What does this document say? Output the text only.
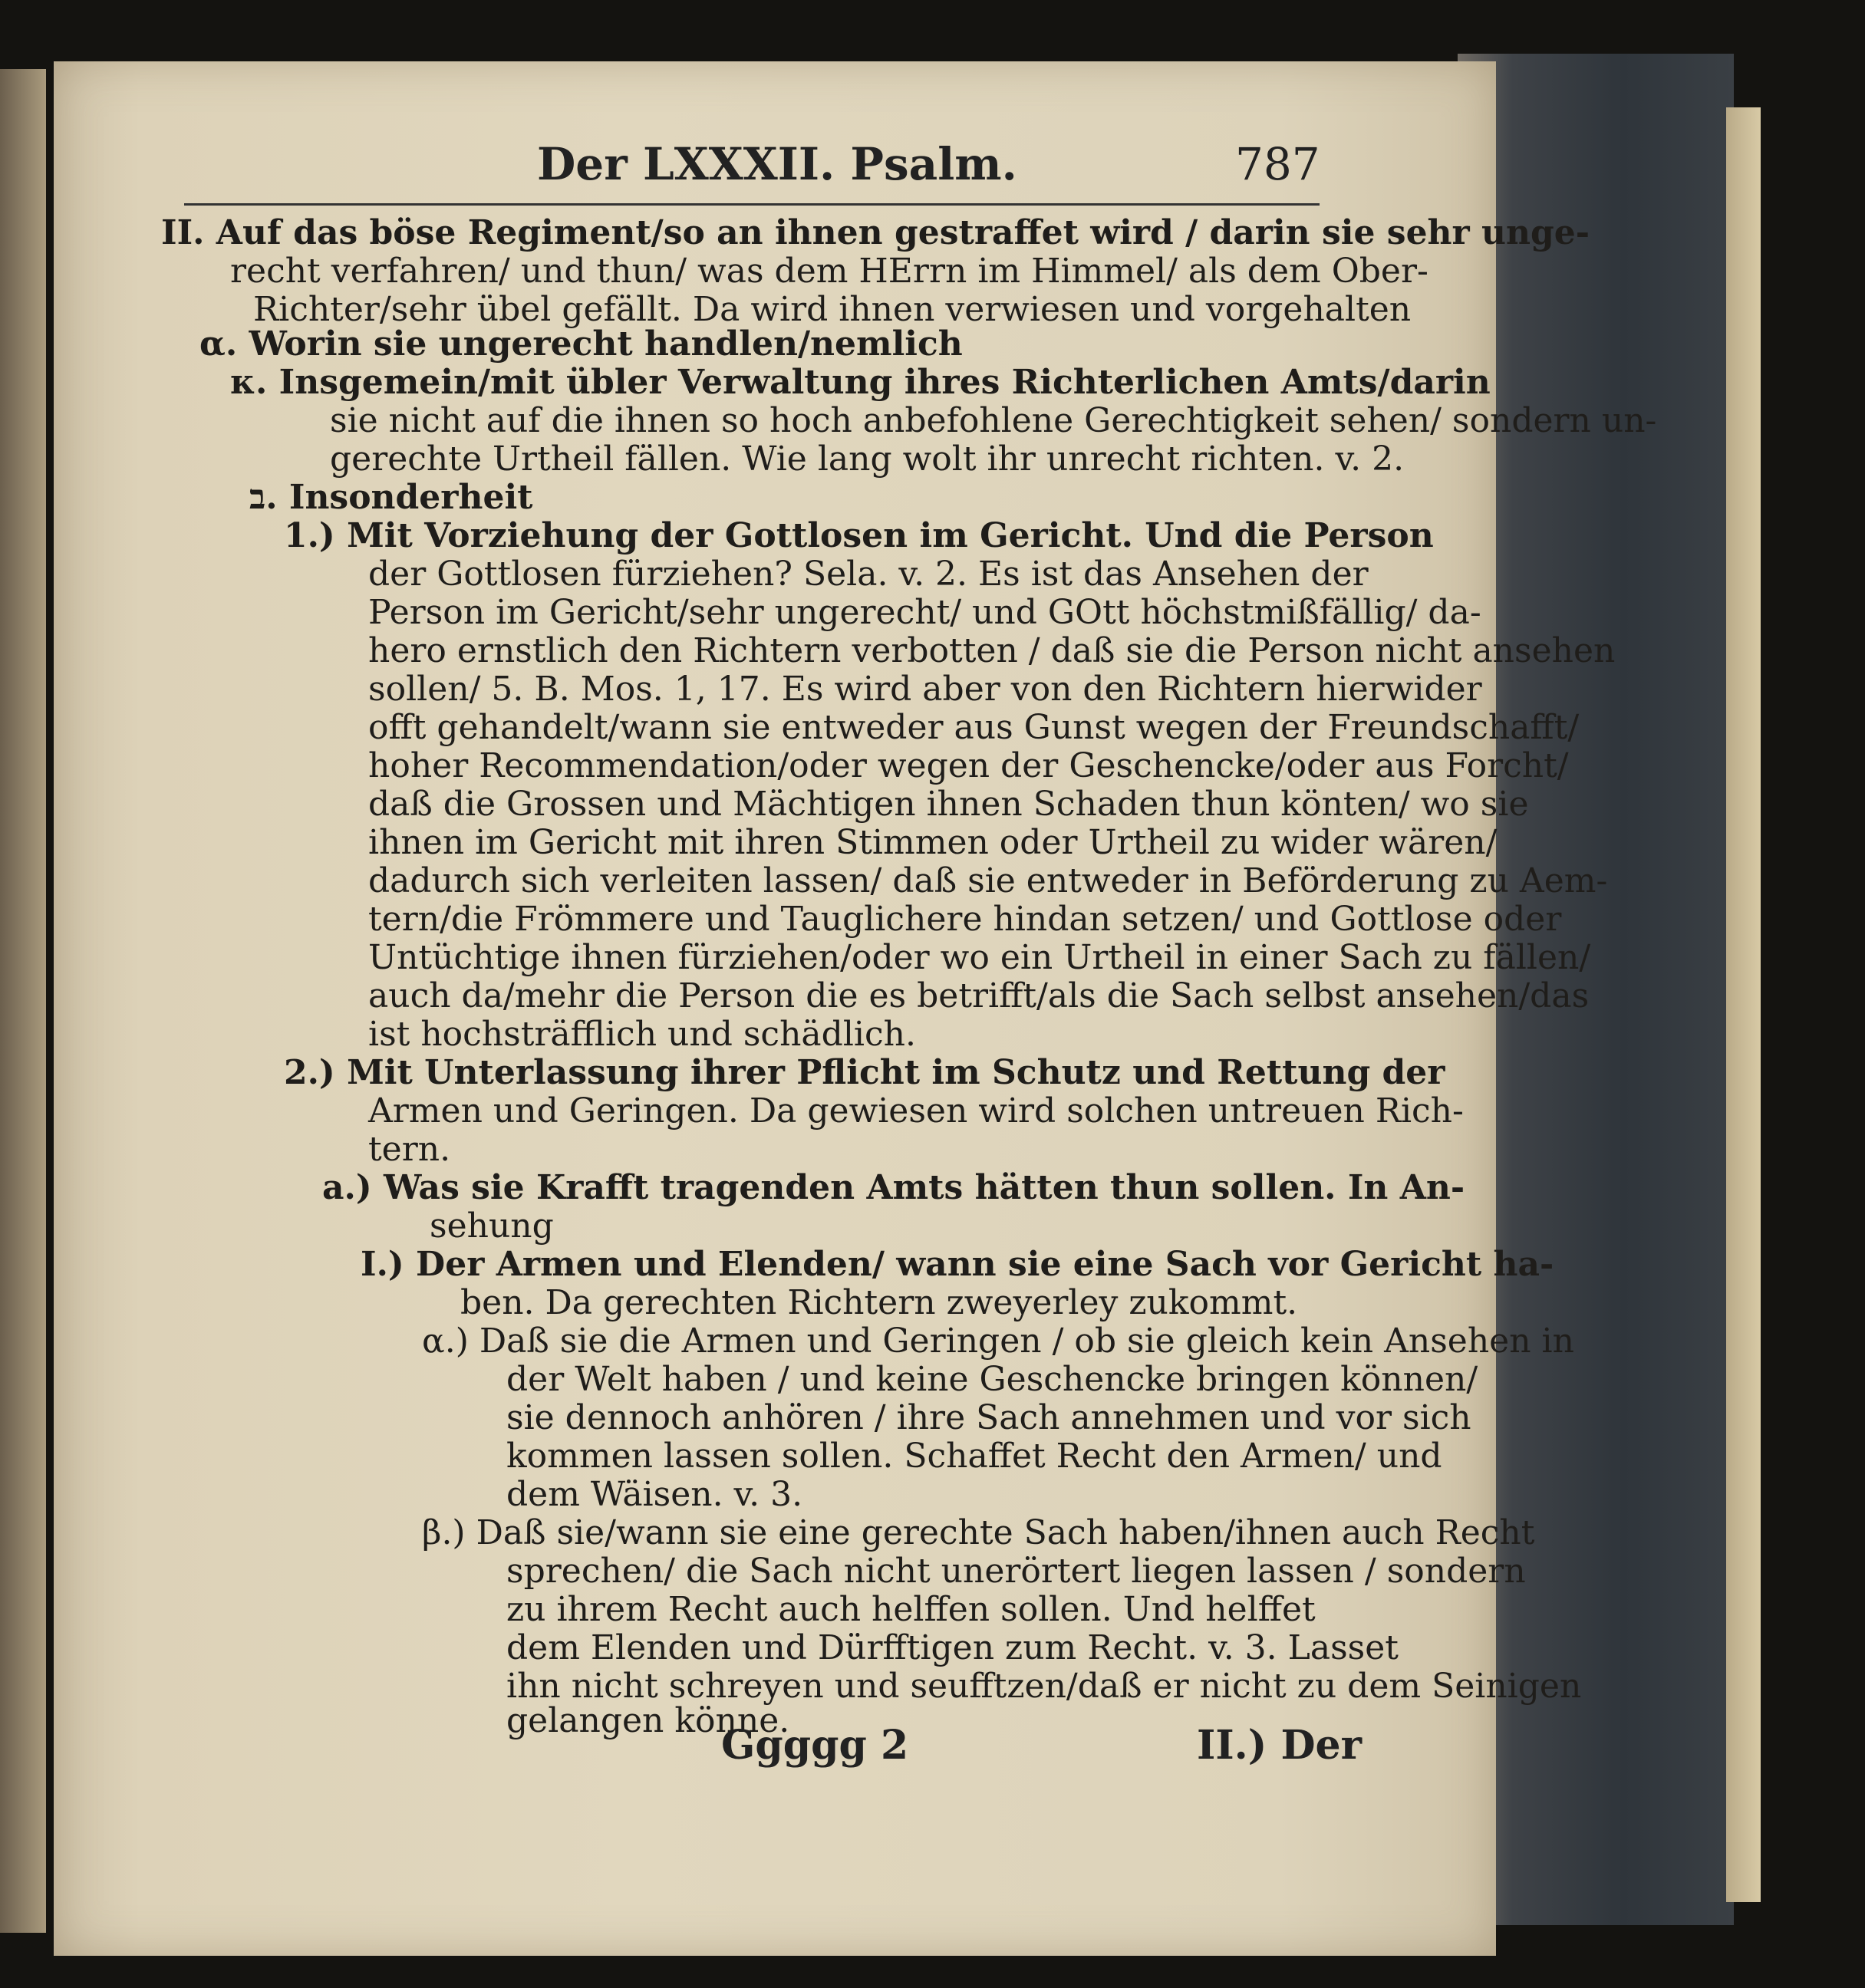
Der LXXXII. Psalm.	787
II. Auf das böse Regiment/so an ihnen gestraffet wird / darin sie sehr unge-
recht verfahren/ und thun/ was dem HErrn im Himmel/ als dem Ober-
Richter/sehr übel gefällt. Da wird ihnen verwiesen und vorgehalten
α. Worin sie ungerecht handlen/nemlich
κ. Insgemein/mit übler Verwaltung ihres Richterlichen Amts/darin
sie nicht auf die ihnen so hoch anbefohlene Gerechtigkeit sehen/ sondern un-
gerechte Urtheil fällen. Wie lang wolt ihr unrecht richten. v. 2.
ב. Insonderheit
1.) Mit Vorziehung der Gottlosen im Gericht. Und die Person
der Gottlosen fürziehen? Sela. v. 2. Es ist das Ansehen der
Person im Gericht/sehr ungerecht/ und GOtt höchstmißfällig/ da-
hero ernstlich den Richtern verbotten / daß sie die Person nicht ansehen
sollen/ 5. B. Mos. 1, 17. Es wird aber von den Richtern hierwider
offt gehandelt/wann sie entweder aus Gunst wegen der Freundschafft/
hoher Recommendation/oder wegen der Geschencke/oder aus Forcht/
daß die Grossen und Mächtigen ihnen Schaden thun könten/ wo sie
ihnen im Gericht mit ihren Stimmen oder Urtheil zu wider wären/
dadurch sich verleiten lassen/ daß sie entweder in Beförderung zu Aem-
tern/die Frömmere und Tauglichere hindan setzen/ und Gottlose oder
Untüchtige ihnen fürziehen/oder wo ein Urtheil in einer Sach zu fällen/
auch da/mehr die Person die es betrifft/als die Sach selbst ansehen/das
ist hochsträfflich und schädlich.
2.) Mit Unterlassung ihrer Pflicht im Schutz und Rettung der
Armen und Geringen. Da gewiesen wird solchen untreuen Rich-
tern.
a.) Was sie Krafft tragenden Amts hätten thun sollen. In An-
sehung
I.) Der Armen und Elenden/ wann sie eine Sach vor Gericht ha-
ben. Da gerechten Richtern zweyerley zukommt.
α.) Daß sie die Armen und Geringen / ob sie gleich kein Ansehen in
der Welt haben / und keine Geschencke bringen können/
sie dennoch anhören / ihre Sach annehmen und vor sich
kommen lassen sollen. Schaffet Recht den Armen/ und
dem Wäisen. v. 3.
β.) Daß sie/wann sie eine gerechte Sach haben/ihnen auch Recht
sprechen/ die Sach nicht unerörtert liegen lassen / sondern
zu ihrem Recht auch helffen sollen. Und helffet
dem Elenden und Dürfftigen zum Recht. v. 3. Lasset
ihn nicht schreyen und seufftzen/daß er nicht zu dem Seinigen
gelangen könne.
Ggggg 2	II.) Der
